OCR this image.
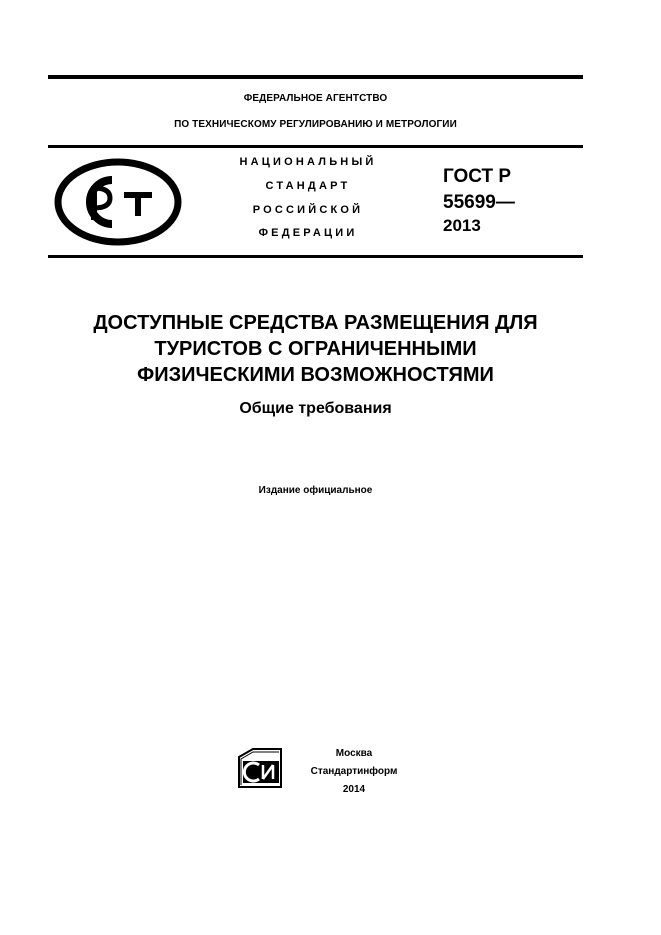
ФЕДЕРАЛЬНОЕ АГЕНТСТВО
ПО ТЕХНИЧЕСКОМУ РЕГУЛИРОВАНИЮ И МЕТРОЛОГИИ
НАЦИОНАЛЬНЫЙ
СТАНДАРТ
РОССИЙСКОЙ
ФЕДЕРАЦИИ
ГОСТ Р
55699—
2013
ДОСТУПНЫЕ СРЕДСТВА РАЗМЕЩЕНИЯ ДЛЯ
ТУРИСТОВ С ОГРАНИЧЕННЫМИ
ФИЗИЧЕСКИМИ ВОЗМОЖНОСТЯМИ
Общие требования
Издание официальное
Москва
Стандартинформ
2014
